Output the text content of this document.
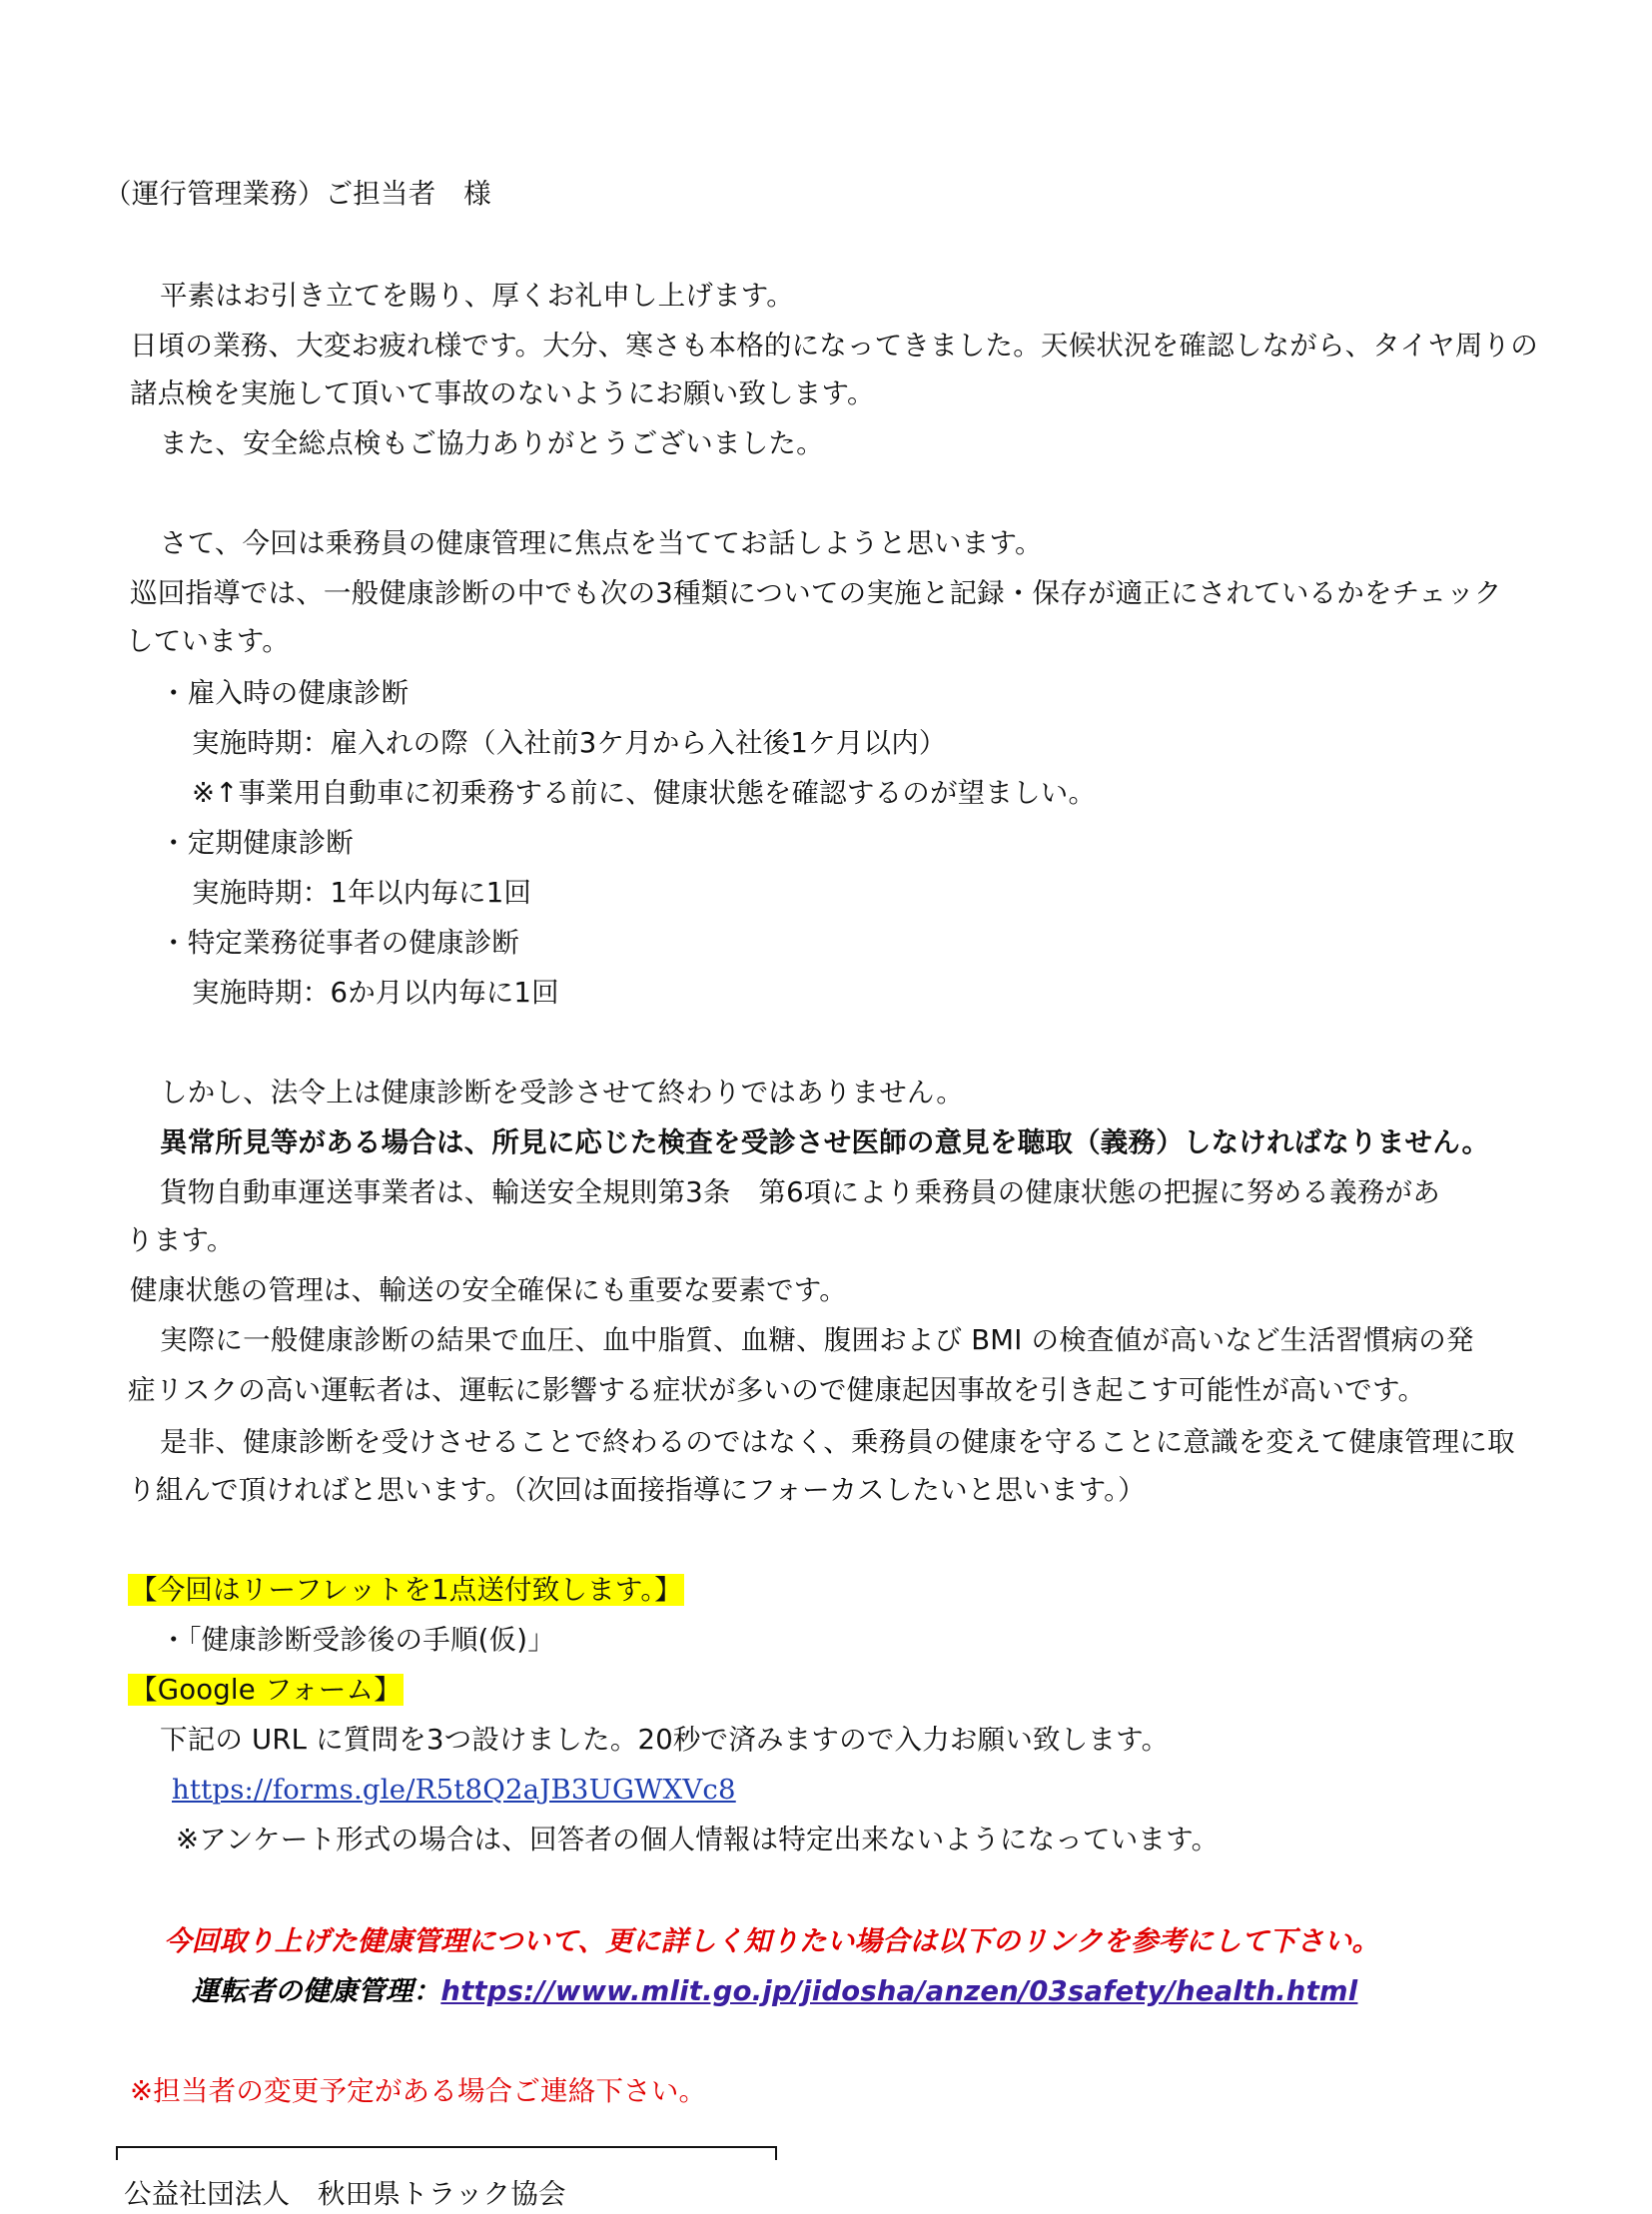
（運行管理業務）ご担当者　様
平素はお引き立てを賜り、厚くお礼申し上げます。
日頃の業務、大変お疲れ様です。大分、寒さも本格的になってきました。天候状況を確認しながら、タイヤ周りの
諸点検を実施して頂いて事故のないようにお願い致します。
また、安全総点検もご協力ありがとうございました。
さて、今回は乗務員の健康管理に焦点を当ててお話しようと思います。
巡回指導では、一般健康診断の中でも次の3種類についての実施と記録・保存が適正にされているかをチェック
しています。
・雇入時の健康診断
実施時期：雇入れの際（入社前3ケ月から入社後1ケ月以内）
※↑事業用自動車に初乗務する前に、健康状態を確認するのが望ましい。
・定期健康診断
実施時期：1年以内毎に1回
・特定業務従事者の健康診断
実施時期：6か月以内毎に1回
しかし、法令上は健康診断を受診させて終わりではありません。
異常所見等がある場合は、所見に応じた検査を受診させ医師の意見を聴取（義務）しなければなりません。
貨物自動車運送事業者は、輸送安全規則第3条　第6項により乗務員の健康状態の把握に努める義務があ
ります。
健康状態の管理は、輸送の安全確保にも重要な要素です。
実際に一般健康診断の結果で血圧、血中脂質、血糖、腹囲および BMI の検査値が高いなど生活習慣病の発
症リスクの高い運転者は、運転に影響する症状が多いので健康起因事故を引き起こす可能性が高いです。
是非、健康診断を受けさせることで終わるのではなく、乗務員の健康を守ることに意識を変えて健康管理に取
り組んで頂ければと思います。（次回は面接指導にフォーカスしたいと思います。）
【今回はリーフレットを1点送付致します。】
・「健康診断受診後の手順(仮)」
【Google フォーム】
下記の URL に質問を3つ設けました。20秒で済みますので入力お願い致します。
https://forms.gle/R5t8Q2aJB3UGWXVc8
※アンケート形式の場合は、回答者の個人情報は特定出来ないようになっています。
今回取り上げた健康管理について、更に詳しく知りたい場合は以下のリンクを参考にして下さい。
運転者の健康管理：https://www.mlit.go.jp/jidosha/anzen/03safety/health.html
※担当者の変更予定がある場合ご連絡下さい。
公益社団法人　秋田県トラック協会
